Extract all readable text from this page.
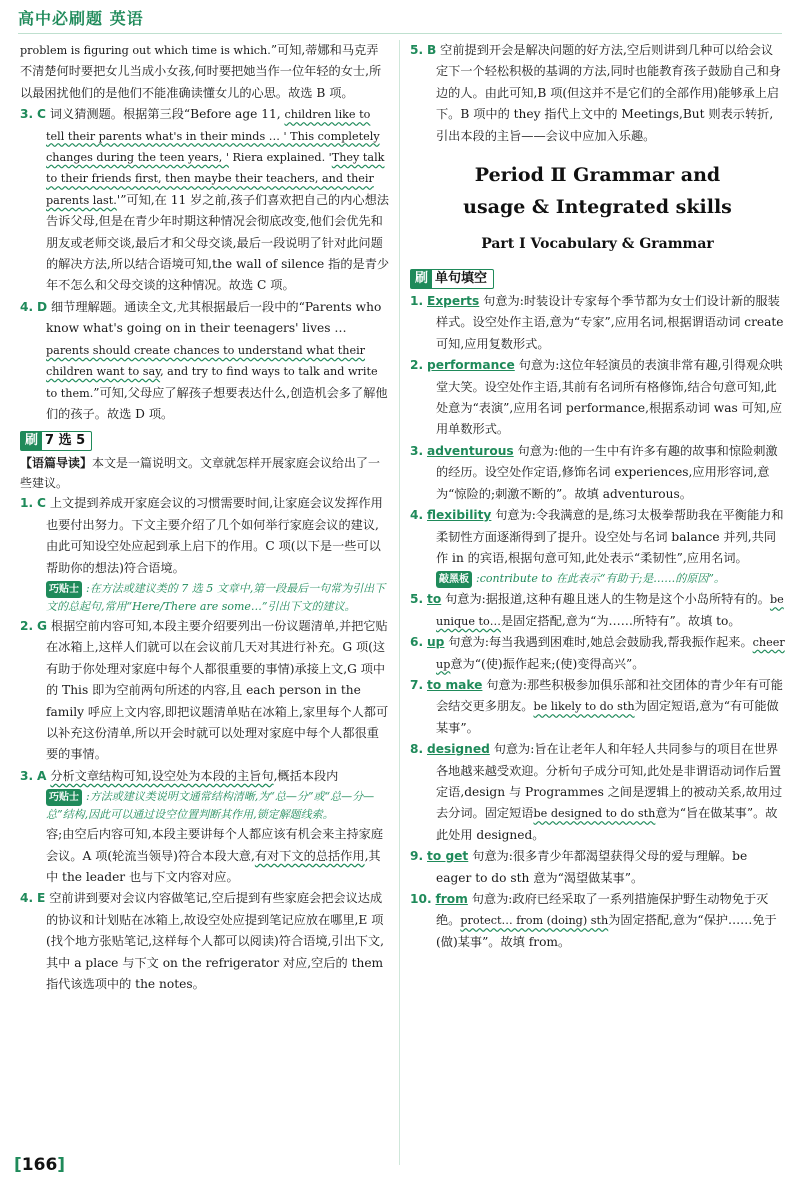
高中必刷题 英语

problem is figuring out which time is which.”可知,蒂娜和马克弄不清楚何时要把女儿当成小女孩,何时要把她当作一位年轻的女士,所以最困扰他们的是他们不能准确读懂女儿的心思。故选 B 项。

3. C 词义猜测题。根据第三段“Before age 11, children like to tell their parents what's in their minds … ' This completely changes during the teen years, ' Riera explained. 'They talk to their friends first, then maybe their teachers, and their parents last.'”可知,在 11 岁之前,孩子们喜欢把自己的内心想法告诉父母,但是在青少年时期这种情况会彻底改变,他们会优先和朋友或老师交谈,最后才和父母交谈,最后一段说明了针对此问题的解决方法,所以结合语境可知,the wall of silence 指的是青少年不怎么和父母交谈的这种情况。故选 C 项。

4. D 细节理解题。通读全文,尤其根据最后一段中的“Parents who know what's going on in their teenagers' lives … parents should create chances to understand what their children want to say, and try to find ways to talk and write to them.”可知,父母应了解孩子想要表达什么,创造机会多了解他们的孩子。故选 D 项。

刷 7 选 5

【语篇导读】本文是一篇说明文。文章就怎样开展家庭会议给出了一些建议。

1. C 上文提到养成开家庭会议的习惯需要时间,让家庭会议发挥作用也要付出努力。下文主要介绍了几个如何举行家庭会议的建议,由此可知设空处应起到承上启下的作用。C 项(以下是一些可以帮助你的想法)符合语境。

巧贴士 :在方法或建议类的 7 选 5 文章中,第一段最后一句常为引出下文的总起句,常用“Here/There are some…”引出下文的建议。

2. G 根据空前内容可知,本段主要介绍要列出一份议题清单,并把它贴在冰箱上,这样人们就可以在会议前几天对其进行补充。G 项(这有助于你处理对家庭中每个人都很重要的事情)承接上文,G 项中的 This 即为空前两句所述的内容,且 each person in the family 呼应上文内容,即把议题清单贴在冰箱上,家里每个人都可以补充这份清单,所以开会时就可以处理对家庭中每个人都很重要的事情。

3. A 分析文章结构可知,设空处为本段的主旨句,概括本段内

巧贴士 :方法或建议类说明文通常结构清晰,为“总—分”或“总—分—总”结构,因此可以通过设空位置判断其作用,锁定解题线索。

容;由空后内容可知,本段主要讲每个人都应该有机会来主持家庭会议。A 项(轮流当领导)符合本段大意,有对下文的总括作用,其中 the leader 也与下文内容对应。

4. E 空前讲到要对会议内容做笔记,空后提到有些家庭会把会议达成的协议和计划贴在冰箱上,故设空处应提到笔记应放在哪里,E 项(找个地方张贴笔记,这样每个人都可以阅读)符合语境,引出下文,其中 a place 与下文 on the refrigerator 对应,空后的 them 指代该选项中的 the notes。

5. B 空前提到开会是解决问题的好方法,空后则讲到几种可以给会议定下一个轻松积极的基调的方法,同时也能教育孩子鼓励自己和身边的人。由此可知,B 项(但这并不是它们的全部作用)能够承上启下。B 项中的 they 指代上文中的 Meetings,But 则表示转折,引出本段的主旨——会议中应加入乐趣。

Period Ⅱ Grammar and
usage & Integrated skills
Part Ⅰ Vocabulary & Grammar
刷 单句填空

1. Experts 句意为:时装设计专家每个季节都为女士们设计新的服装样式。设空处作主语,意为“专家”,应用名词,根据谓语动词 create 可知,应用复数形式。

2. performance 句意为:这位年轻演员的表演非常有趣,引得观众哄堂大笑。设空处作主语,其前有名词所有格修饰,结合句意可知,此处意为“表演”,应用名词 performance,根据系动词 was 可知,应用单数形式。

3. adventurous 句意为:他的一生中有许多有趣的故事和惊险刺激的经历。设空处作定语,修饰名词 experiences,应用形容词,意为“惊险的;刺激不断的”。故填 adventurous。

4. flexibility 句意为:令我满意的是,练习太极拳帮助我在平衡能力和柔韧性方面逐渐得到了提升。设空处与名词 balance 并列,共同作 in 的宾语,根据句意可知,此处表示“柔韧性”,应用名词。

敲黑板 :contribute to 在此表示“有助于;是……的原因”。

5. to 句意为:据报道,这种有趣且迷人的生物是这个小岛所特有的。be unique to…是固定搭配,意为“为……所特有”。故填 to。

6. up 句意为:每当我遇到困难时,她总会鼓励我,帮我振作起来。cheer up意为“(使)振作起来;(使)变得高兴”。

7. to make 句意为:那些积极参加俱乐部和社交团体的青少年有可能会结交更多朋友。be likely to do sth为固定短语,意为“有可能做某事”。

8. designed 句意为:旨在让老年人和年轻人共同参与的项目在世界各地越来越受欢迎。分析句子成分可知,此处是非谓语动词作后置定语,design 与 Programmes 之间是逻辑上的被动关系,故用过去分词。固定短语be designed to do sth意为“旨在做某事”。故此处用 designed。

9. to get 句意为:很多青少年都渴望获得父母的爱与理解。be eager to do sth 意为“渴望做某事”。

10. from 句意为:政府已经采取了一系列措施保护野生动物免于灭绝。protect… from (doing) sth为固定搭配,意为“保护……免于(做)某事”。故填 from。

[166]
